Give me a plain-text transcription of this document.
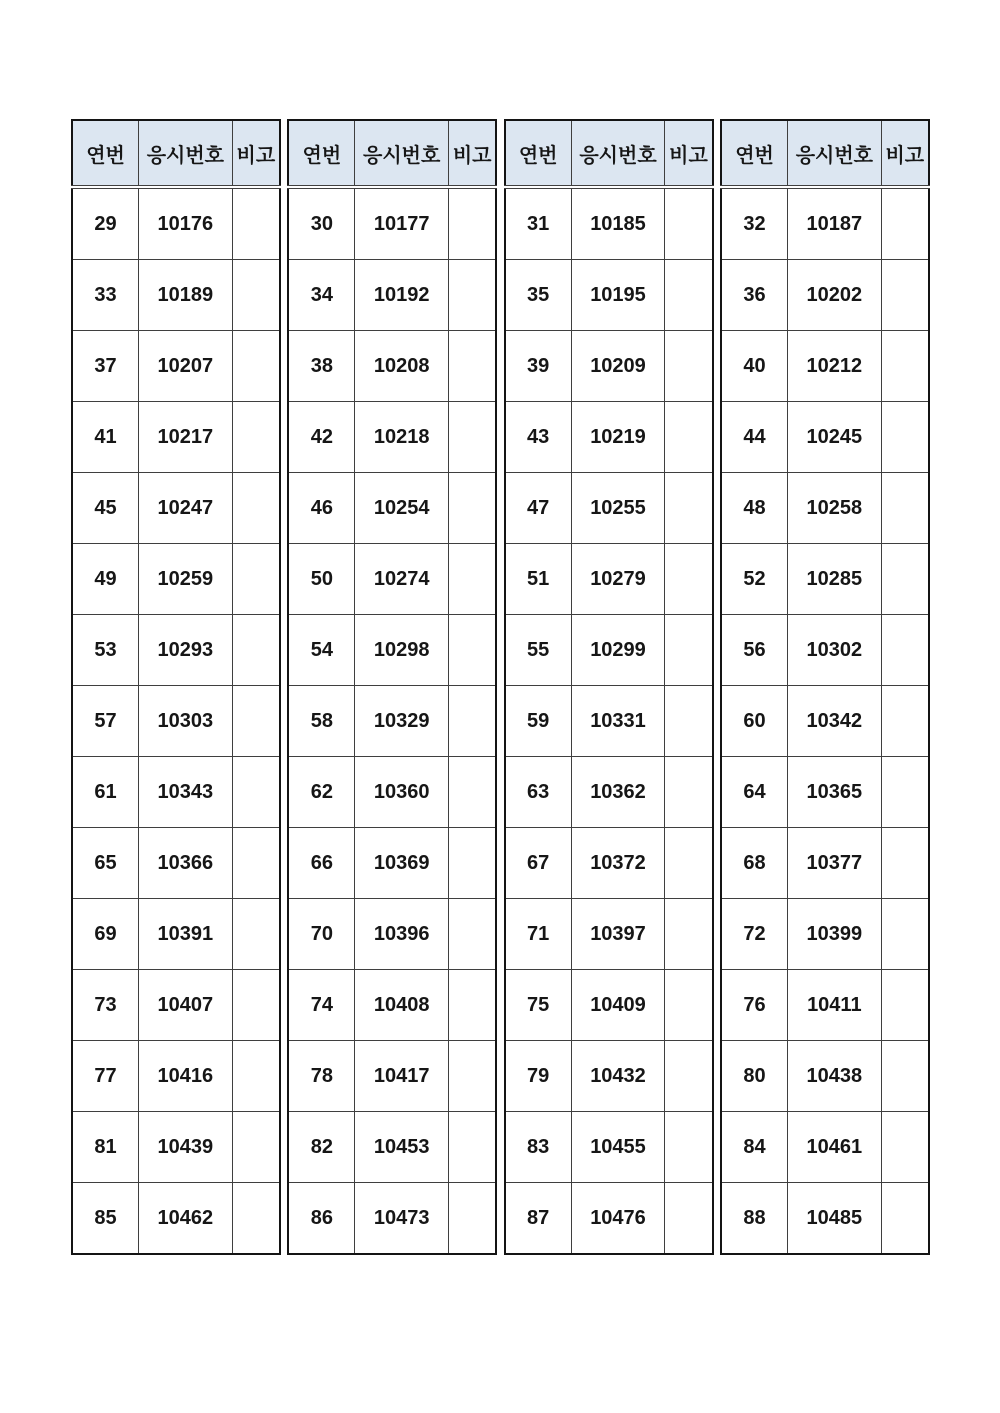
연번	응시번호	비고
29	10176	
33	10189	
37	10207	
41	10217	
45	10247	
49	10259	
53	10293	
57	10303	
61	10343	
65	10366	
69	10391	
73	10407	
77	10416	
81	10439	
85	10462	
연번	응시번호	비고
30	10177	
34	10192	
38	10208	
42	10218	
46	10254	
50	10274	
54	10298	
58	10329	
62	10360	
66	10369	
70	10396	
74	10408	
78	10417	
82	10453	
86	10473	
연번	응시번호	비고
31	10185	
35	10195	
39	10209	
43	10219	
47	10255	
51	10279	
55	10299	
59	10331	
63	10362	
67	10372	
71	10397	
75	10409	
79	10432	
83	10455	
87	10476	
연번	응시번호	비고
32	10187	
36	10202	
40	10212	
44	10245	
48	10258	
52	10285	
56	10302	
60	10342	
64	10365	
68	10377	
72	10399	
76	10411	
80	10438	
84	10461	
88	10485	
